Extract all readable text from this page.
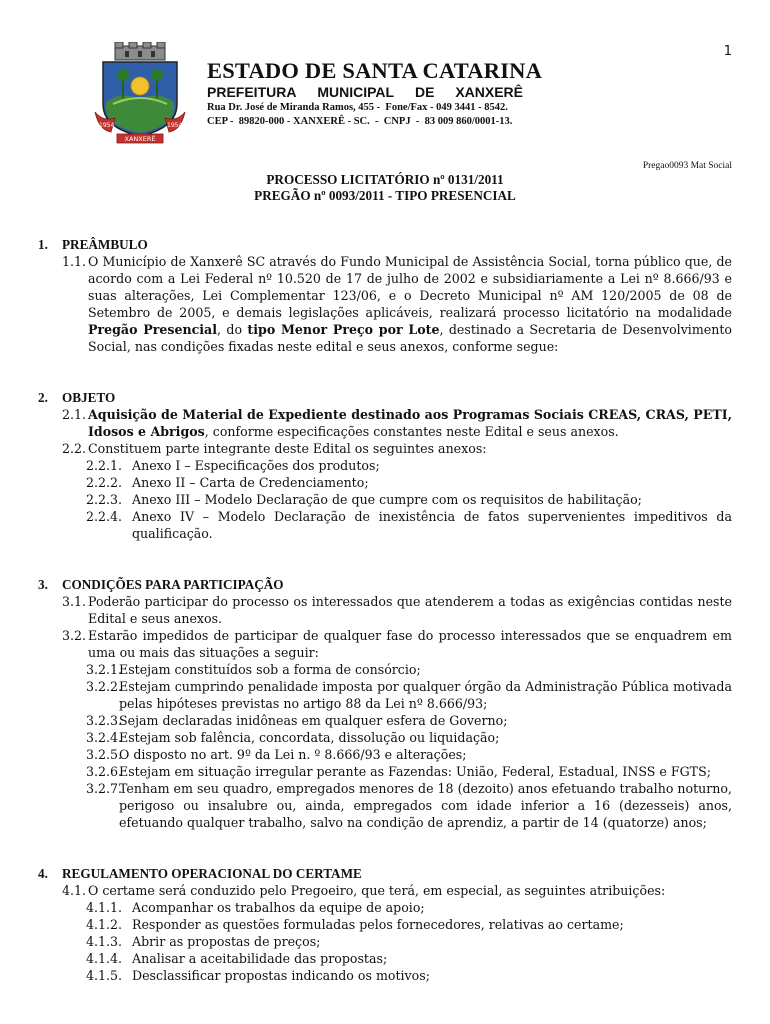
1
1954	1954
XANXERÊ
ESTADO DE SANTA CATARINA
PREFEITURA MUNICIPAL DE XANXERÊ
Rua Dr. José de Miranda Ramos, 455 -  Fone/Fax - 049 3441 - 8542.
CEP -  89820-000 - XANXERÊ - SC.  -  CNPJ  -  83 009 860/0001-13.
Pregao0093 Mat Social
PROCESSO LICITATÓRIO nº 0131/2011
PREGÃO nº 0093/2011 - TIPO PRESENCIAL
1.	PREÂMBULO
1.1. O Município de Xanxerê SC através do Fundo Municipal de Assistência Social, torna público que, de acordo com a Lei Federal nº 10.520 de 17 de julho de 2002 e subsidiariamente a Lei nº 8.666/93 e suas alterações, Lei Complementar 123/06, e o Decreto Municipal nº AM 120/2005 de 08 de Setembro de 2005, e demais legislações aplicáveis, realizará processo licitatório na modalidade Pregão Presencial, do tipo Menor Preço por Lote, destinado a Secretaria de Desenvolvimento Social, nas condições fixadas neste edital e seus anexos, conforme segue:
2.	OBJETO
2.1. Aquisição de Material de Expediente destinado aos Programas Sociais CREAS, CRAS, PETI, Idosos e Abrigos, conforme especificações constantes neste Edital e seus anexos.
2.2. Constituem parte integrante deste Edital os seguintes anexos:
2.2.1. Anexo I – Especificações dos produtos;
2.2.2. Anexo II – Carta de Credenciamento;
2.2.3. Anexo III – Modelo Declaração de que cumpre com os requisitos de habilitação;
2.2.4. Anexo IV – Modelo Declaração de inexistência de fatos supervenientes impeditivos da qualificação.
3.	CONDIÇÕES PARA PARTICIPAÇÃO
3.1. Poderão participar do processo os interessados que atenderem a todas as exigências contidas neste Edital e seus anexos.
3.2. Estarão impedidos de participar de qualquer fase do processo interessados que se enquadrem em uma ou mais das situações a seguir:
3.2.1.
Estejam constituídos sob a forma de consórcio;
3.2.2.
Estejam cumprindo penalidade imposta por qualquer órgão da Administração Pública motivada pelas hipóteses previstas no artigo 88 da Lei nº 8.666/93;
3.2.3.
Sejam declaradas inidôneas em qualquer esfera de Governo;
3.2.4.
Estejam sob falência, concordata, dissolução ou liquidação;
3.2.5.
O disposto no art. 9º da Lei n. º 8.666/93 e alterações;
3.2.6.
Estejam em situação irregular perante as Fazendas: União, Federal, Estadual, INSS e FGTS;
3.2.7.
Tenham em seu quadro, empregados menores de 18 (dezoito) anos efetuando trabalho noturno, perigoso ou insalubre ou, ainda, empregados com idade inferior a 16 (dezesseis) anos, efetuando qualquer trabalho, salvo na condição de aprendiz, a partir de 14 (quatorze) anos;
4.	REGULAMENTO OPERACIONAL DO CERTAME
4.1. O certame será conduzido pelo Pregoeiro, que terá, em especial, as seguintes atribuições:
4.1.1. Acompanhar os trabalhos da equipe de apoio;
4.1.2. Responder as questões formuladas pelos fornecedores, relativas ao certame;
4.1.3. Abrir as propostas de preços;
4.1.4. Analisar a aceitabilidade das propostas;
4.1.5. Desclassificar propostas indicando os motivos;
